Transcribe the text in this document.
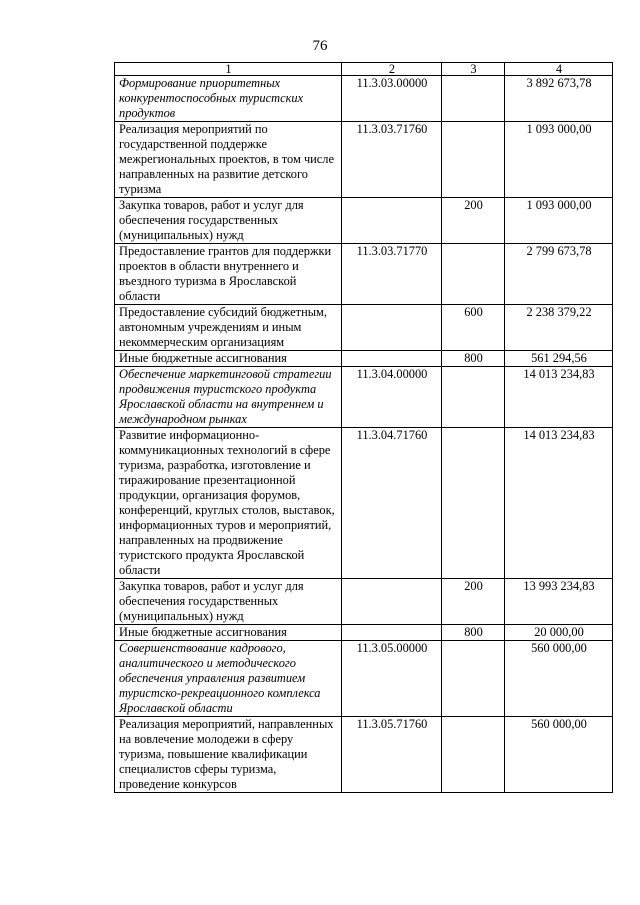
76
1	2	3	4
Формирование приоритетных конкурентоспособных туристских продуктов	11.3.03.00000		3 892 673,78
Реализация мероприятий по государственной поддержке межрегиональных проектов, в том числе направленных на развитие детского туризма	11.3.03.71760		1 093 000,00
Закупка товаров, работ и услуг для обеспечения государственных (муниципальных) нужд		200	1 093 000,00
Предоставление грантов для поддержки проектов в области внутреннего и въездного туризма в Ярославской области	11.3.03.71770		2 799 673,78
Предоставление субсидий бюджетным, автономным учреждениям и иным некоммерческим организациям		600	2 238 379,22
Иные бюджетные ассигнования		800	561 294,56
Обеспечение маркетинговой стратегии продвижения туристского продукта Ярославской области на внутреннем и международном рынках	11.3.04.00000		14 013 234,83
Развитие информационно-коммуникационных технологий в сфере туризма, разработка, изготовление и тиражирование презентационной продукции, организация форумов, конференций, круглых столов, выставок, информационных туров и мероприятий, направленных на продвижение туристского продукта Ярославской области	11.3.04.71760		14 013 234,83
Закупка товаров, работ и услуг для обеспечения государственных (муниципальных) нужд		200	13 993 234,83
Иные бюджетные ассигнования		800	20 000,00
Совершенствование кадрового, аналитического и методического обеспечения управления развитием туристско-рекреационного комплекса Ярославской области	11.3.05.00000		560 000,00
Реализация мероприятий, направленных на вовлечение молодежи в сферу туризма, повышение квалификации специалистов сферы туризма, проведение конкурсов	11.3.05.71760		560 000,00
